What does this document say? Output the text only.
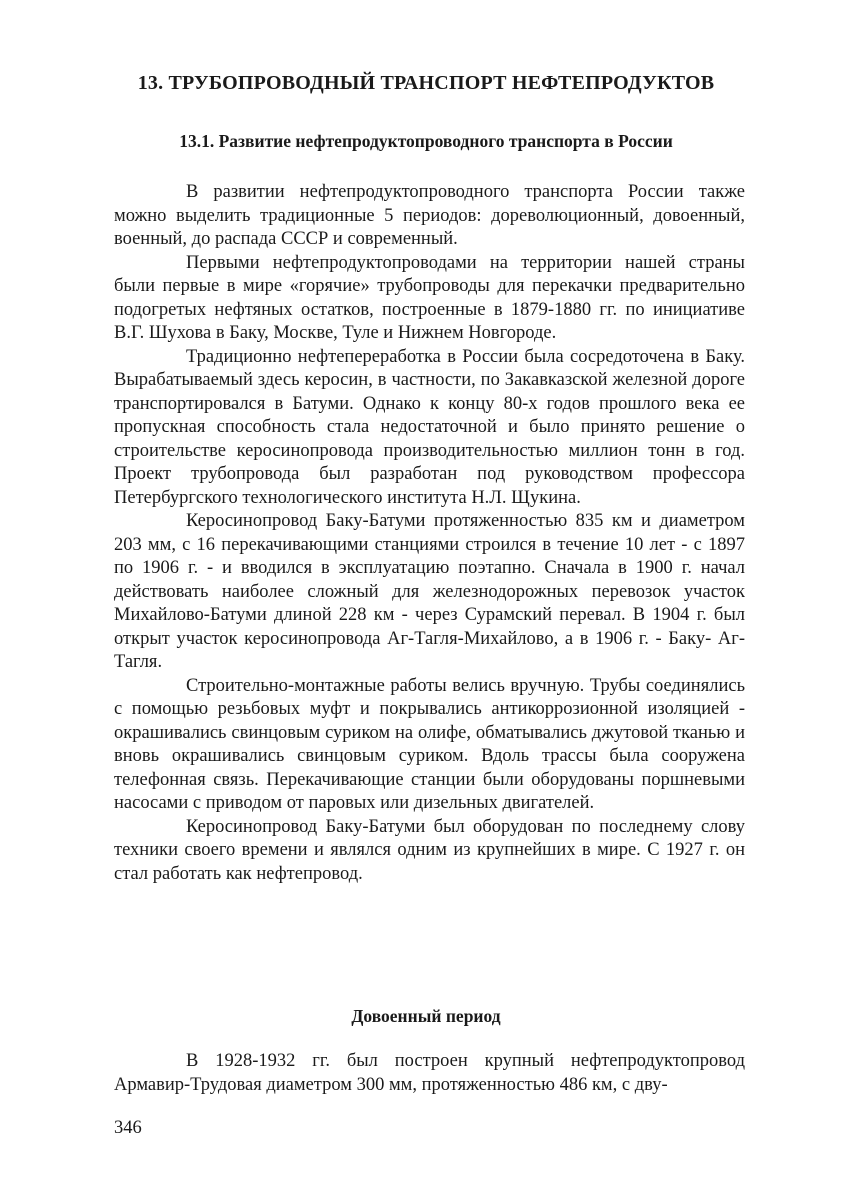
13. ТРУБОПРОВОДНЫЙ ТРАНСПОРТ НЕФТЕПРОДУКТОВ
13.1. Развитие нефтепродуктопроводного транспорта в России

В развитии нефтепродуктопроводного транспорта России также можно выделить традиционные 5 периодов: дореволюционный, довоенный, военный, до распада СССР и современный.

Первыми нефтепродуктопроводами на территории нашей страны были первые в мире «горячие» трубопроводы для перекачки предварительно подогретых нефтяных остатков, построенные в 1879-1880 гг. по инициативе В.Г. Шухова в Баку, Москве, Туле и Нижнем Новгороде.

Традиционно нефтепереработка в России была сосредоточена в Баку. Вырабатываемый здесь керосин, в частности, по Закавказской железной дороге транспортировался в Батуми. Однако к концу 80-х годов прошлого века ее пропускная способность стала недостаточной и было принято решение о строительстве керосинопровода производительностью миллион тонн в год. Проект трубопровода был разработан под руководством профессора Петербургского технологического института Н.Л. Щукина.

Керосинопровод Баку-Батуми протяженностью 835 км и диаметром 203 мм, с 16 перекачивающими станциями строился в течение 10 лет - с 1897 по 1906 г. - и вводился в эксплуатацию поэтапно. Сначала в 1900 г. начал действовать наиболее сложный для железнодорожных перевозок участок Михайлово-Батуми длиной 228 км - через Сурамский перевал. В 1904 г. был открыт участок керосинопровода Аг-Тагля-Михайлово, а в 1906 г. - Баку- Аг-Тагля.

Строительно-монтажные работы велись вручную. Трубы соединялись с помощью резьбовых муфт и покрывались антикоррозионной изоляцией - окрашивались свинцовым суриком на олифе, обматывались джутовой тканью и вновь окрашивались свинцовым суриком. Вдоль трассы была сооружена телефонная связь. Перекачивающие станции были оборудованы поршневыми насосами с приводом от паровых или дизельных двигателей.

Керосинопровод Баку-Батуми был оборудован по последнему слову техники своего времени и являлся одним из крупнейших в мире. С 1927 г. он стал работать как нефтепровод.

Довоенный период

В 1928-1932 гг. был построен крупный нефтепродуктопровод Армавир-Трудовая диаметром 300 мм, протяженностью 486 км, с дву-

346
